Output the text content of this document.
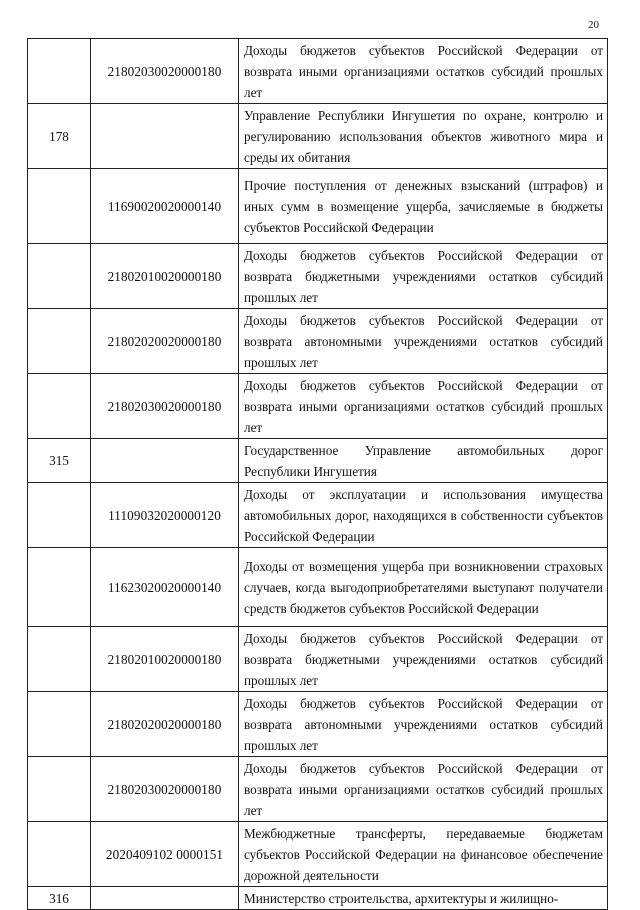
20
	21802030020000180	Доходы бюджетов субъектов Российской Федерации от возврата иными организациями остатков субсидий прошлых лет
178		Управление Республики Ингушетия по охране, контролю и регулированию использования объектов животного мира и среды их обитания
	11690020020000140	Прочие поступления от денежных взысканий (штрафов) и иных сумм в возмещение ущерба, зачисляемые в бюджеты субъектов Российской Федерации
	21802010020000180	Доходы бюджетов субъектов Российской Федерации от возврата бюджетными учреждениями остатков субсидий прошлых лет
	21802020020000180	Доходы бюджетов субъектов Российской Федерации от возврата автономными учреждениями остатков субсидий прошлых лет
	21802030020000180	Доходы бюджетов субъектов Российской Федерации от возврата иными организациями остатков субсидий прошлых лет
315		Государственное Управление автомобильных дорог Республики Ингушетия
	11109032020000120	Доходы от эксплуатации и использования имущества автомобильных дорог, находящихся в собственности субъектов Российской Федерации
	11623020020000140	Доходы от возмещения ущерба при возникновении страховых случаев, когда выгодоприобретателями выступают получатели средств бюджетов субъектов Российской Федерации
	21802010020000180	Доходы бюджетов субъектов Российской Федерации от возврата бюджетными учреждениями остатков субсидий прошлых лет
	21802020020000180	Доходы бюджетов субъектов Российской Федерации от возврата автономными учреждениями остатков субсидий прошлых лет
	21802030020000180	Доходы бюджетов субъектов Российской Федерации от возврата иными организациями остатков субсидий прошлых лет
	2020409102 0000151	Межбюджетные трансферты, передаваемые бюджетам субъектов Российской Федерации на финансовое обеспечение дорожной деятельности
316		Министерство строительства, архитектуры и жилищно-
